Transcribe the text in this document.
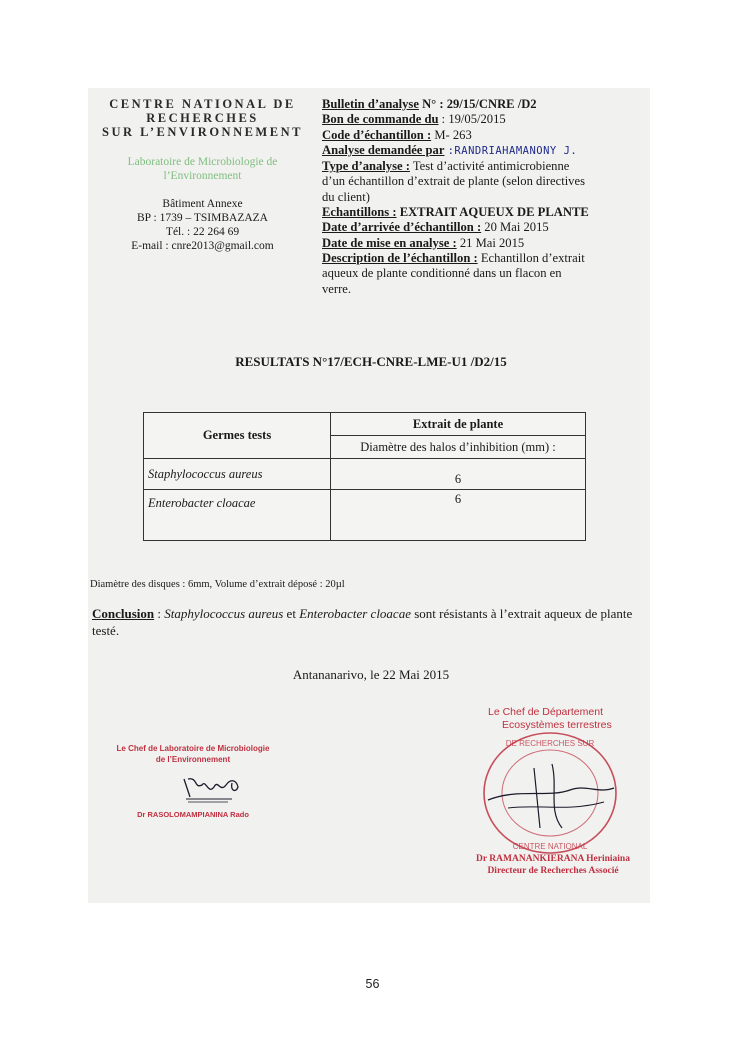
CENTRE NATIONAL DE
RECHERCHES
SUR L’ENVIRONNEMENT
Laboratoire de Microbiologie de
l’Environnement
Bâtiment Annexe
BP : 1739 – TSIMBAZAZA
Tél. : 22 264 69
E-mail : cnre2013@gmail.com
Bulletin d’analyse N° : 29/15/CNRE /D2
Bon de commande du : 19/05/2015
Code d’échantillon : M- 263
Analyse demandée par :RANDRIAHAMANONY J.
Type d’analyse : Test d’activité antimicrobienne
d’un échantillon d’extrait de plante (selon directives
du client)
Echantillons : EXTRAIT AQUEUX DE PLANTE
Date d’arrivée d’échantillon : 20 Mai 2015
Date de mise en analyse : 21 Mai 2015
Description de l’échantillon : Echantillon d’extrait
aqueux de plante conditionné dans un flacon en
verre.
RESULTATS N°17/ECH-CNRE-LME-U1 /D2/15
Germes tests	Extrait de plante
	Diamètre des halos d’inhibition (mm) :
Staphylococcus aureus	6
Enterobacter cloacae	6
Diamètre des disques : 6mm, Volume d’extrait déposé : 20µl
Conclusion : Staphylococcus aureus et Enterobacter cloacae sont résistants à l’extrait aqueux de plante testé.
Antananarivo, le 22 Mai 2015
Le Chef de Laboratoire de Microbiologie
de l’Environnement
Dr RASOLOMAMPIANINA Rado
Le Chef de Département
Ecosystèmes terrestres
DE RECHERCHES SUR
CENTRE NATIONAL
Dr RAMANANKIERANA Heriniaina
Directeur de Recherches Associé
56
